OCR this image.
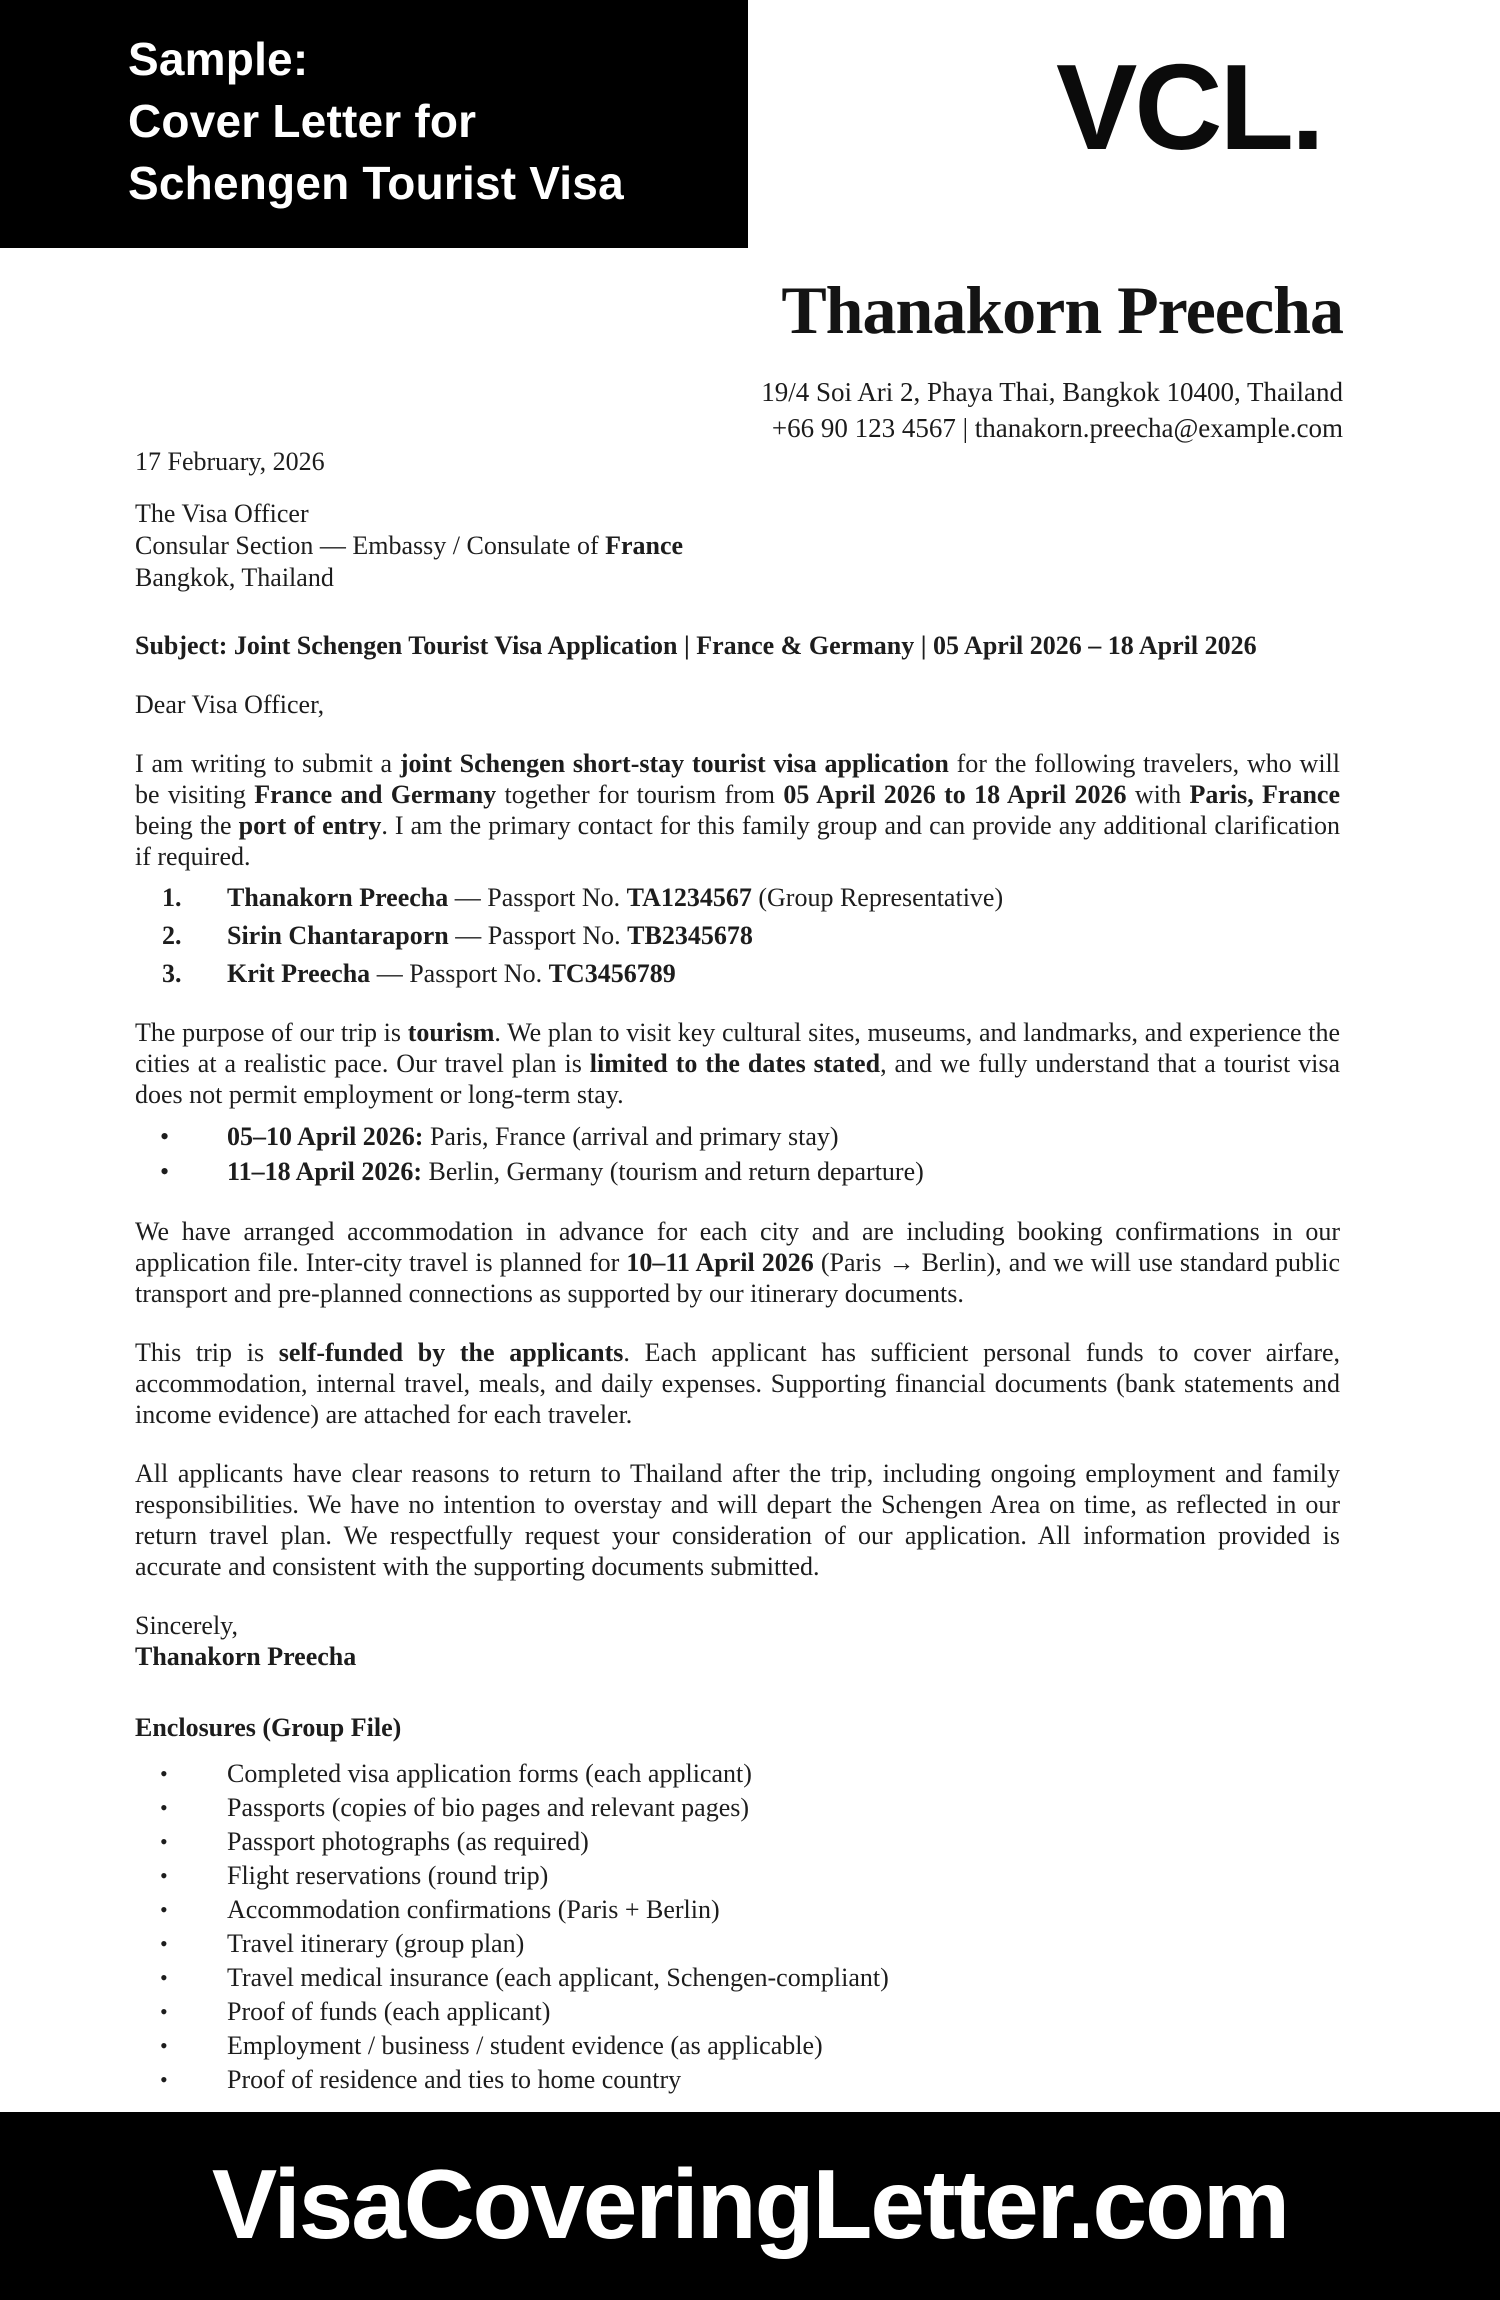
Sample:
Cover Letter for
Schengen Tourist Visa
VCL.
Thanakorn Preecha
19/4 Soi Ari 2, Phaya Thai, Bangkok 10400, Thailand
+66 90 123 4567 | thanakorn.preecha@example.com
17 February, 2026
The Visa Officer
Consular Section — Embassy / Consulate of France
Bangkok, Thailand
Subject: Joint Schengen Tourist Visa Application | France & Germany | 05 April 2026 – 18 April 2026
Dear Visa Officer,
I am writing to submit a joint Schengen short-stay tourist visa application for the following travelers, who will be visiting France and Germany together for tourism from 05 April 2026 to 18 April 2026 with Paris, France being the port of entry. I am the primary contact for this family group and can provide any additional clarification if required.
1.	Thanakorn Preecha — Passport No. TA1234567 (Group Representative)
2.	Sirin Chantaraporn — Passport No. TB2345678
3.	Krit Preecha — Passport No. TC3456789
The purpose of our trip is tourism. We plan to visit key cultural sites, museums, and landmarks, and experience the cities at a realistic pace. Our travel plan is limited to the dates stated, and we fully understand that a tourist visa does not permit employment or long-term stay.
•
05–10 April 2026: Paris, France (arrival and primary stay)
•
11–18 April 2026: Berlin, Germany (tourism and return departure)
We have arranged accommodation in advance for each city and are including booking confirmations in our application file. Inter-city travel is planned for 10–11 April 2026 (Paris → Berlin), and we will use standard public transport and pre-planned connections as supported by our itinerary documents.
This trip is self-funded by the applicants. Each applicant has sufficient personal funds to cover airfare, accommodation, internal travel, meals, and daily expenses. Supporting financial documents (bank statements and income evidence) are attached for each traveler.
All applicants have clear reasons to return to Thailand after the trip, including ongoing employment and family responsibilities. We have no intention to overstay and will depart the Schengen Area on time, as reflected in our return travel plan. We respectfully request your consideration of our application. All information provided is accurate and consistent with the supporting documents submitted.
Sincerely,
Thanakorn Preecha
Enclosures (Group File)
•
Completed visa application forms (each applicant)
•
Passports (copies of bio pages and relevant pages)
•
Passport photographs (as required)
•
Flight reservations (round trip)
•
Accommodation confirmations (Paris + Berlin)
•
Travel itinerary (group plan)
•
Travel medical insurance (each applicant, Schengen-compliant)
•
Proof of funds (each applicant)
•
Employment / business / student evidence (as applicable)
•
Proof of residence and ties to home country
VisaCoveringLetter.com
